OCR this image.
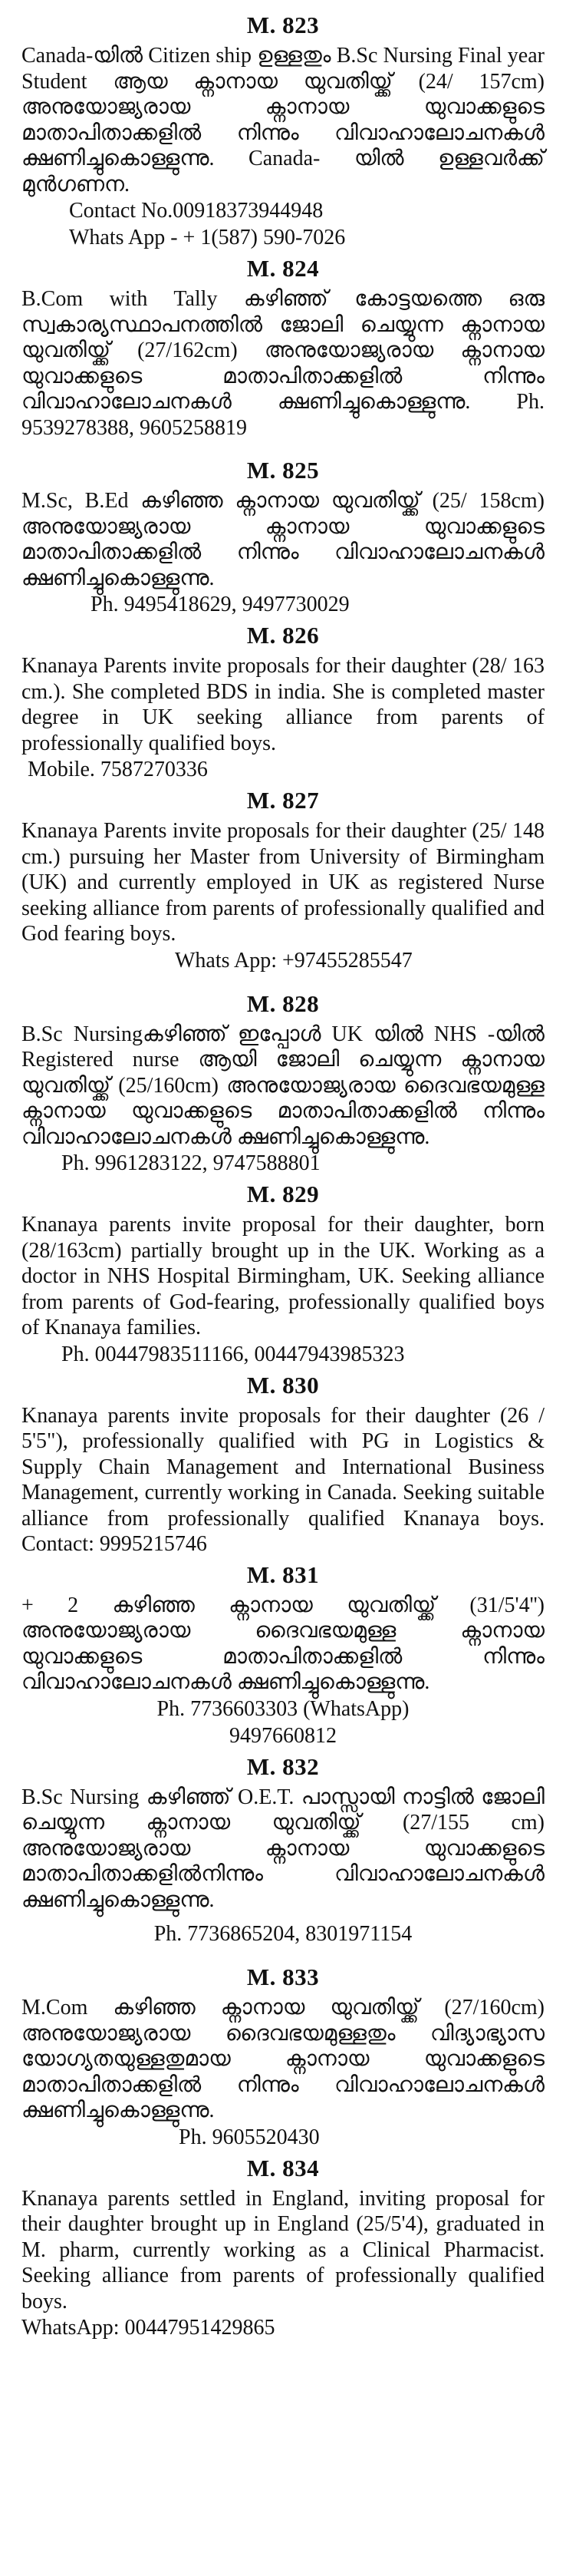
M. 823

Canada-യിൽ Citizen ship ഉള്ളതും B.Sc Nursing Final year Student ആയ ക്നാനായ യുവതിയ്ക്ക് (24/ 157cm) അനുയോജ്യരായ ക്നാനായ യുവാക്കളുടെ മാതാപിതാക്കളിൽ നിന്നും വിവാഹാലോചനകൾ ക്ഷണിച്ചുകൊള്ളുന്നു. Canada- യിൽ ഉള്ളവർക്ക് മുൻഗണന.

Contact No.00918373944948
Whats App - + 1(587) 590-7026
M. 824

B.Com with Tally കഴിഞ്ഞ് കോട്ടയത്തെ ഒരു സ്വകാര്യസ്ഥാപനത്തിൽ ജോലി ചെയ്യുന്ന ക്നാനായ യുവതിയ്ക്ക് (27/162cm) അനുയോജ്യരായ ക്നാനായ യുവാക്കളുടെ മാതാപിതാക്കളിൽ നിന്നും വിവാഹാലോചനകൾ ക്ഷണിച്ചുകൊള്ളുന്നു. Ph. 9539278388, 9605258819

M. 825

M.Sc, B.Ed കഴിഞ്ഞ ക്നാനായ യുവതിയ്ക്ക് (25/ 158cm) അനുയോജ്യരായ ക്നാനായ യുവാക്കളുടെ മാതാപിതാക്കളിൽ നിന്നും വിവാഹാലോചനകൾ ക്ഷണിച്ചുകൊള്ളുന്നു.

Ph. 9495418629, 9497730029
M. 826

Knanaya Parents invite proposals for their daughter (28/ 163 cm.). She completed BDS in india. She is completed master degree in UK seeking alliance from parents of professionally qualified boys.

Mobile. 7587270336
M. 827

Knanaya Parents invite proposals for their daughter (25/ 148 cm.) pursuing her Master from University of Birmingham (UK) and currently employed in UK as registered Nurse seeking alliance from parents of professionally qualified and God fearing boys.

Whats App: +97455285547
M. 828

B.Sc Nursingകഴിഞ്ഞ് ഇപ്പോൾ UK യിൽ NHS -യിൽ Registered nurse ആയി ജോലി ചെയ്യുന്ന ക്നാനായ യുവതിയ്ക്ക് (25/160cm) അനുയോജ്യരായ ദൈവഭയമുള്ള ക്നാനായ യുവാക്കളുടെ മാതാപിതാക്കളിൽ നിന്നും വിവാഹാലോചനകൾ ക്ഷണിച്ചുകൊള്ളുന്നു.

Ph. 9961283122, 9747588801
M. 829

Knanaya parents invite proposal for their daughter, born (28/163cm) partially brought up in the UK. Working as a doctor in NHS Hospital Birmingham, UK. Seeking alliance from parents of God-fearing, professionally qualified boys of Knanaya families.

Ph. 00447983511166, 00447943985323
M. 830

Knanaya parents invite proposals for their daughter (26 / 5'5"), professionally qualified with PG in Logistics & Supply Chain Management and International Business Management, currently working in Canada. Seeking suitable alliance from professionally qualified Knanaya boys. Contact: 9995215746

M. 831

+ 2 കഴിഞ്ഞ ക്നാനായ യുവതിയ്ക്ക് (31/5'4'') അനുയോജ്യരായ ദൈവഭയമുള്ള ക്നാനായ യുവാക്കളുടെ മാതാപിതാക്കളിൽ നിന്നും വിവാഹാലോചനകൾ ക്ഷണിച്ചുകൊള്ളുന്നു.

Ph. 7736603303 (WhatsApp)
9497660812
M. 832

B.Sc Nursing കഴിഞ്ഞ് O.E.T. പാസ്സായി നാട്ടിൽ ജോലി ചെയ്യുന്ന ക്നാനായ യുവതിയ്ക്ക് (27/155 cm) അനുയോജ്യരായ ക്നാനായ യുവാക്കളുടെ മാതാപിതാക്കളിൽനിന്നും വിവാഹാലോചനകൾ ക്ഷണിച്ചുകൊള്ളുന്നു.

Ph. 7736865204, 8301971154
M. 833

M.Com കഴിഞ്ഞ ക്നാനായ യുവതിയ്ക്ക് (27/160cm) അനുയോജ്യരായ ദൈവഭയമുള്ളതും വിദ്യാഭ്യാസ യോഗ്യതയുള്ളതുമായ ക്നാനായ യുവാക്കളുടെ മാതാപിതാക്കളിൽ നിന്നും വിവാഹാലോചനകൾ ക്ഷണിച്ചുകൊള്ളുന്നു.

Ph. 9605520430
M. 834

Knanaya parents settled in England, inviting proposal for their daughter brought up in England (25/5'4), graduated in M. pharm, currently working as a Clinical Pharmacist. Seeking alliance from parents of professionally qualified boys.

WhatsApp: 00447951429865
